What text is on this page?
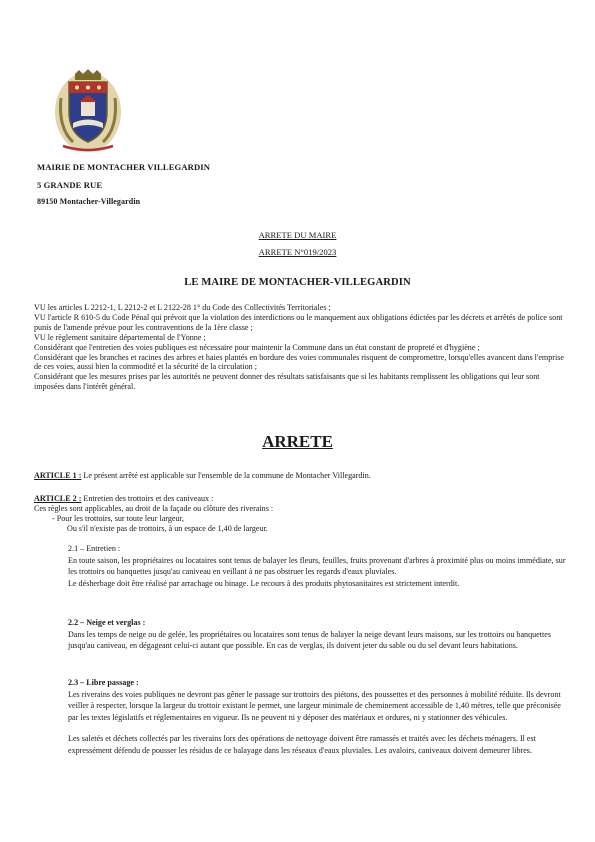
MAIRIE DE MONTACHER VILLEGARDIN
5 GRANDE RUE
89150 Montacher-Villegardin
ARRETE DU MAIRE
ARRETE N°019/2023
LE MAIRE DE MONTACHER-VILLEGARDIN

VU les articles L 2212-1, L 2212-2 et L 2122-28 1° du Code des Collectivités Territoriales ;

VU l'article R 610-5 du Code Pénal qui prévoit que la violation des interdictions ou le manquement aux obligations édictées par les décrets et arrêtés de police sont punis de l'amende prévue pour les contraventions de la 1ère classe ;

VU le règlement sanitaire départemental de l'Yonne ;

Considérant que l'entretien des voies publiques est nécessaire pour maintenir la Commune dans un état constant de propreté et d'hygiène ;

Considérant que les branches et racines des arbres et haies plantés en bordure des voies communales risquent de compromettre, lorsqu'elles avancent dans l'emprise de ces voies, aussi bien la commodité et la sécurité de la circulation ;

Considérant que les mesures prises par les autorités ne peuvent donner des résultats satisfaisants que si les habitants remplissent les obligations qui leur sont imposées dans l'intérêt général.

ARRETE

ARTICLE 1 : Le présent arrêté est applicable sur l'ensemble de la commune de Montacher Villegardin.

ARTICLE 2 : Entretien des trottoirs et des caniveaux :

Ces règles sont applicables, au droit de la façade ou clôture des riverains :

- Pour les trottoirs, sur toute leur largeur,

Ou s'il n'existe pas de trottoirs, à un espace de 1,40 de largeur.

2.1 – Entretien :

En toute saison, les propriétaires ou locataires sont tenus de balayer les fleurs, feuilles, fruits provenant d'arbres à proximité plus ou moins immédiate, sur les trottoirs ou banquettes jusqu'au caniveau en veillant à ne pas obstruer les regards d'eaux pluviales.

Le désherbage doit être réalisé par arrachage ou binage. Le recours à des produits phytosanitaires est strictement interdit.

2.2 – Neige et verglas :

Dans les temps de neige ou de gelée, les propriétaires ou locataires sont tenus de balayer la neige devant leurs maisons, sur les trottoirs ou banquettes jusqu'au caniveau, en dégageant celui-ci autant que possible. En cas de verglas, ils doivent jeter du sable ou du sel devant leurs habitations.

2.3 – Libre passage :

Les riverains des voies publiques ne devront pas gêner le passage sur trottoirs des piétons, des poussettes et des personnes à mobilité réduite. Ils devront veiller à respecter, lorsque la largeur du trottoir existant le permet, une largeur minimale de cheminement accessible de 1,40 mètres, telle que préconisée par les textes législatifs et réglementaires en vigueur. Ils ne peuvent ni y déposer des matériaux et ordures, ni y stationner des véhicules.

Les saletés et déchets collectés par les riverains lors des opérations de nettoyage doivent être ramassés et traités avec les déchets ménagers. Il est expressément défendu de pousser les résidus de ce balayage dans les réseaux d'eaux pluviales. Les avaloirs, caniveaux doivent demeurer libres.
